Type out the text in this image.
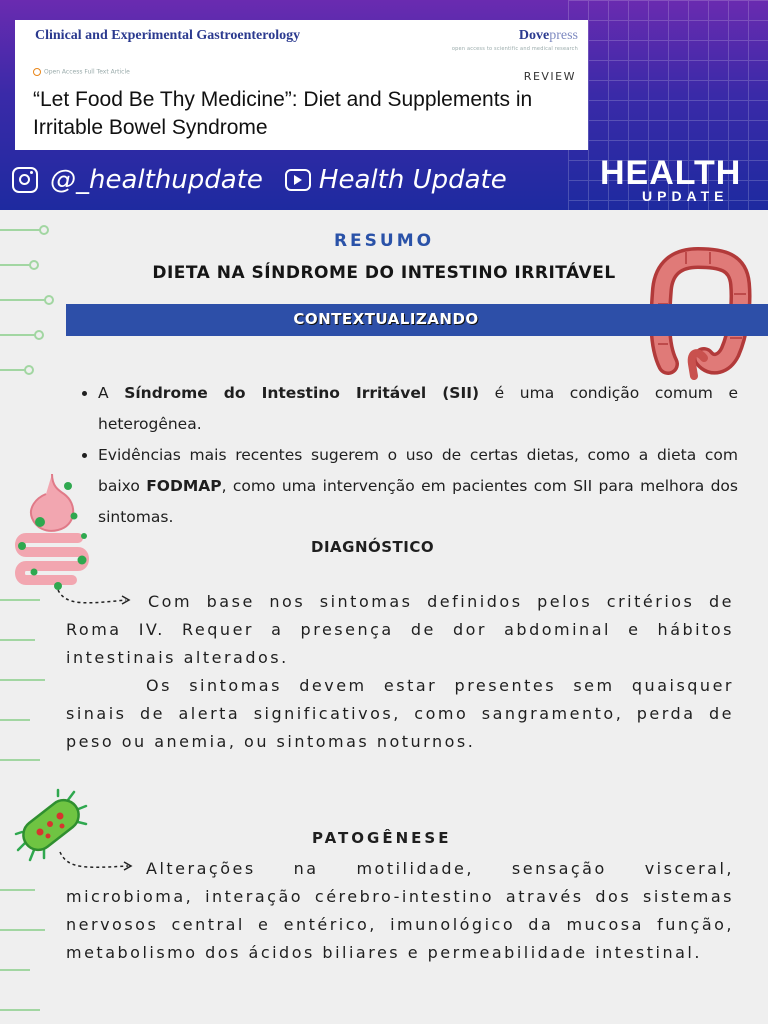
Clinical and Experimental Gastroenterology	Dovepress
open access to scientific and medical research
Open Access Full Text Article	REVIEW
“Let Food Be Thy Medicine”: Diet and Supplements in Irritable Bowel Syndrome
@_healthupdate Health Update	HEALTH
UPDATE
RESUMO
DIETA NA SÍNDROME DO INTESTINO IRRITÁVEL
CONTEXTUALIZANDO
• A Síndrome do Intestino Irritável (SII) é uma condição comum e heterogênea.
• Evidências mais recentes sugerem o uso de certas dietas, como a dieta com baixo FODMAP, como uma intervenção em pacientes com SII para melhora dos sintomas.
DIAGNÓSTICO
Com base nos sintomas definidos pelos critérios de Roma IV. Requer a presença de dor abdominal e hábitos intestinais alterados.
Os sintomas devem estar presentes sem quaisquer sinais de alerta significativos, como sangramento, perda de peso ou anemia, ou sintomas noturnos.
PATOGÊNESE
Alterações na motilidade, sensação visceral, microbioma, interação cérebro-intestino através dos sistemas nervosos central e entérico, imunológico da mucosa função, metabolismo dos ácidos biliares e permeabilidade intestinal.
